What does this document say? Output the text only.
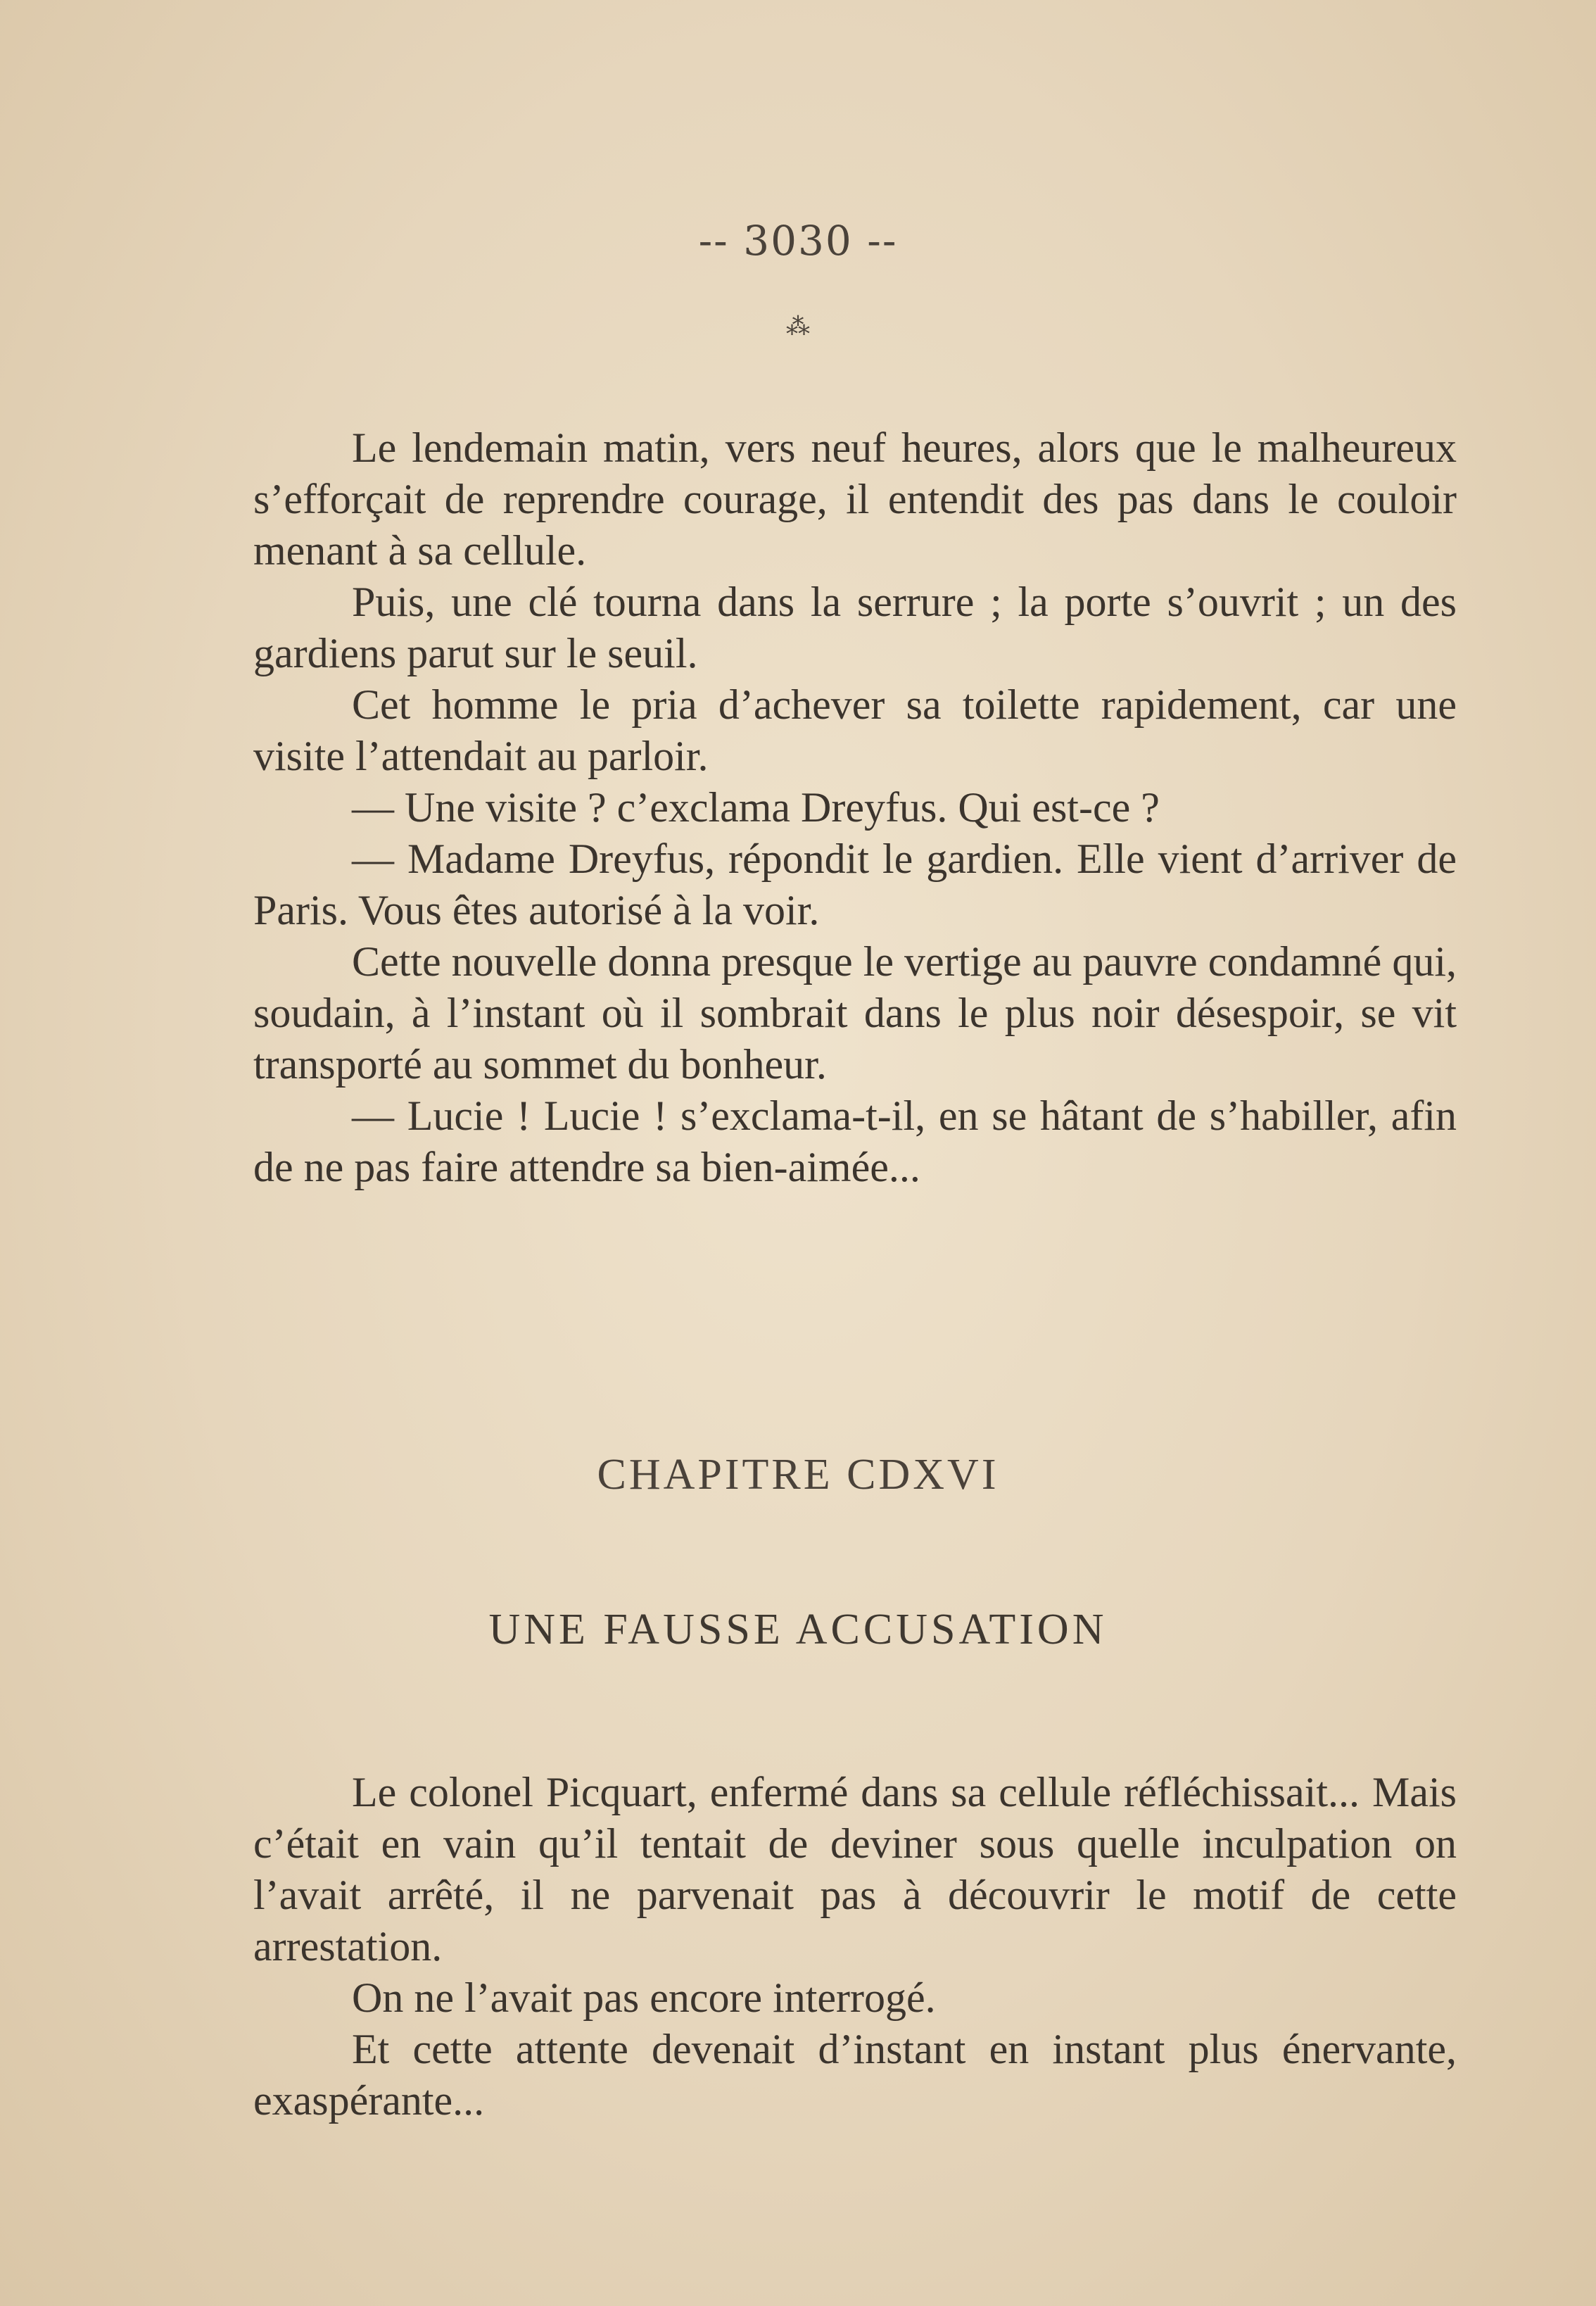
-- 3030 --
⁂

Le lendemain matin, vers neuf heures, alors que le malheureux s’efforçait de reprendre courage, il entendit des pas dans le couloir menant à sa cellule.

Puis, une clé tourna dans la serrure ; la porte s’ouvrit ; un des gardiens parut sur le seuil.

Cet homme le pria d’achever sa toilette rapidement, car une visite l’attendait au parloir.

— Une visite ? c’exclama Dreyfus. Qui est-ce ?

— Madame Dreyfus, répondit le gardien. Elle vient d’arriver de Paris. Vous êtes autorisé à la voir.

Cette nouvelle donna presque le vertige au pauvre condamné qui, soudain, à l’instant où il sombrait dans le plus noir désespoir, se vit transporté au sommet du bonheur.

— Lucie ! Lucie ! s’exclama-t-il, en se hâtant de s’habiller, afin de ne pas faire attendre sa bien-aimée...

CHAPITRE CDXVI
UNE FAUSSE ACCUSATION

Le colonel Picquart, enfermé dans sa cellule réfléchissait... Mais c’était en vain qu’il tentait de deviner sous quelle inculpation on l’avait arrêté, il ne parvenait pas à découvrir le motif de cette arrestation.

On ne l’avait pas encore interrogé.

Et cette attente devenait d’instant en instant plus énervante, exaspérante...
